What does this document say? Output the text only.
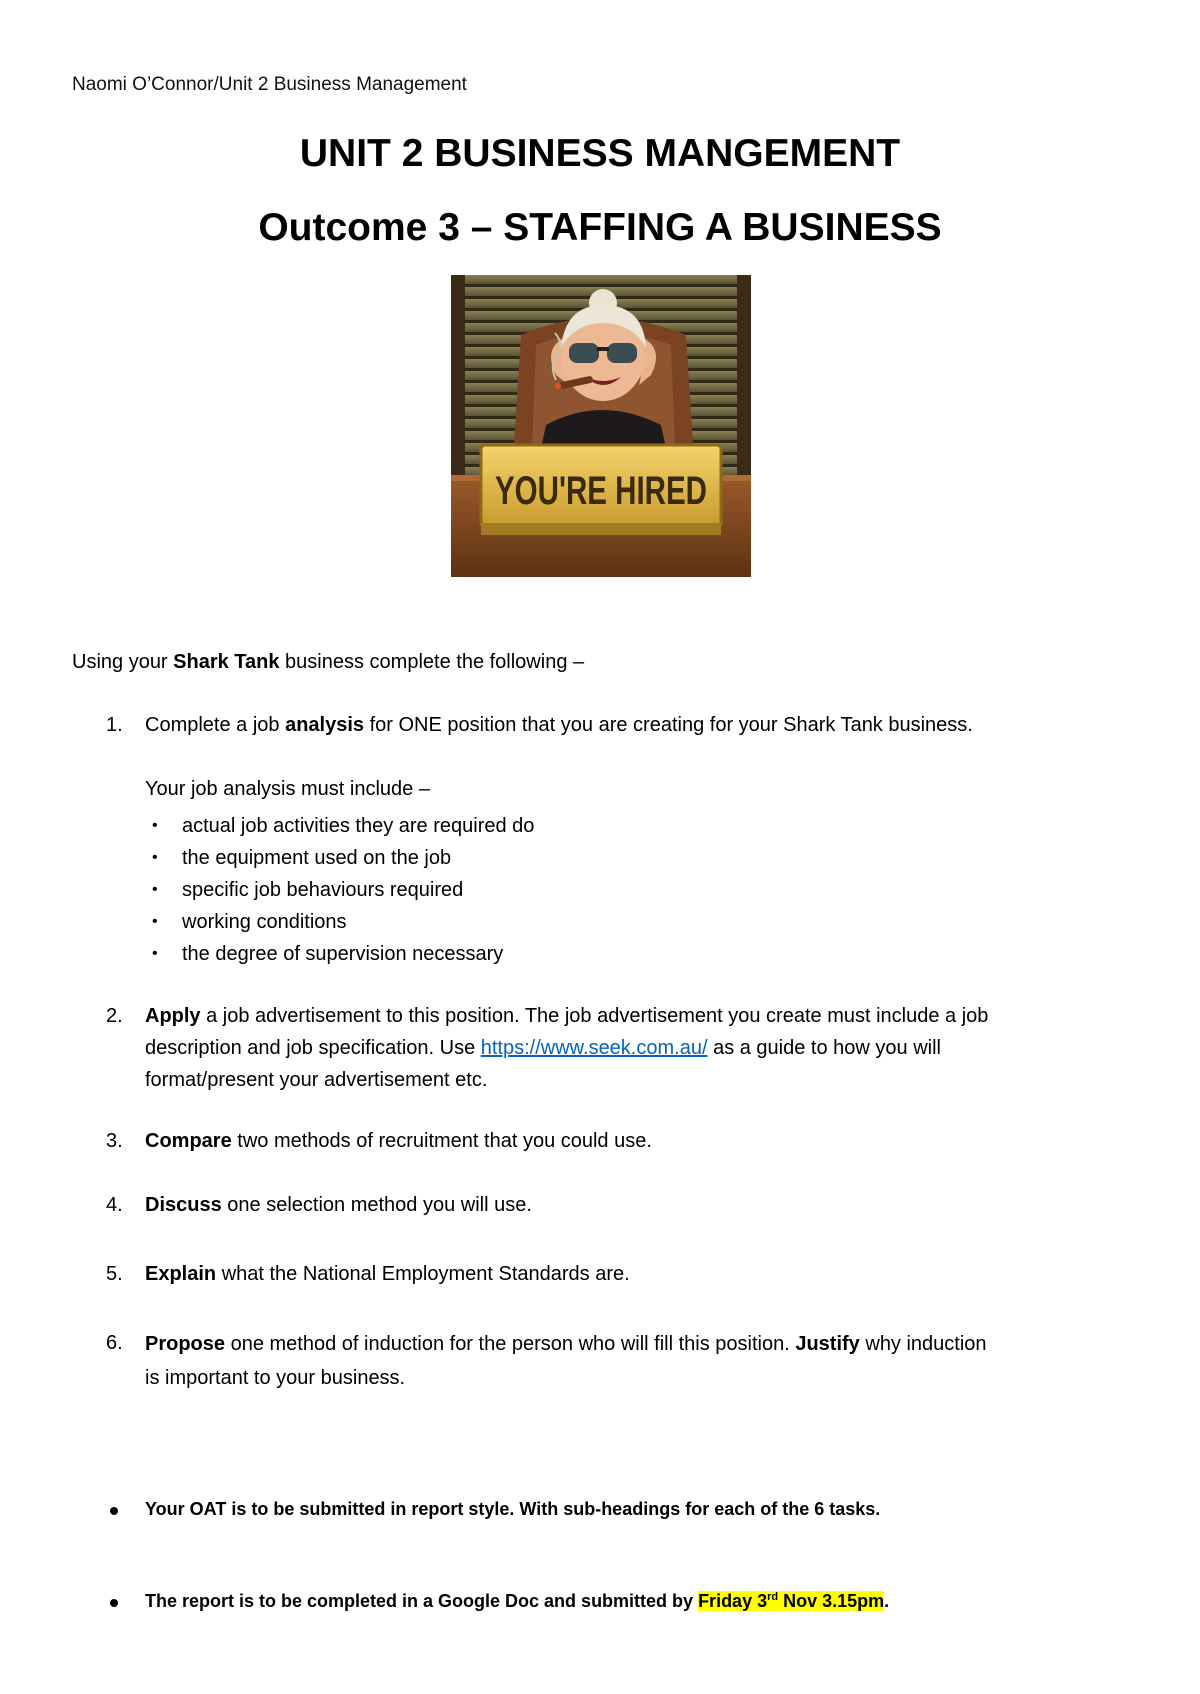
Naomi O’Connor/Unit 2 Business Management
UNIT 2 BUSINESS MANGEMENT
Outcome 3 – STAFFING A BUSINESS
YOU'RE HIRED
Using your Shark Tank business complete the following –
1. Complete a job analysis for ONE position that you are creating for your Shark Tank business.
Your job analysis must include –
• actual job activities they are required do
• the equipment used on the job
• specific job behaviours required
• working conditions
• the degree of supervision necessary
2. Apply a job advertisement to this position. The job advertisement you create must include a job
description and job specification. Use https://www.seek.com.au/ as a guide to how you will
format/present your advertisement etc.
3. Compare two methods of recruitment that you could use.
4. Discuss one selection method you will use.
5. Explain what the National Employment Standards are.
6. Propose one method of induction for the person who will fill this position. Justify why induction
is important to your business.
Your OAT is to be submitted in report style. With sub-headings for each of the 6 tasks.
The report is to be completed in a Google Doc and submitted by Friday 3rd Nov 3.15pm.
